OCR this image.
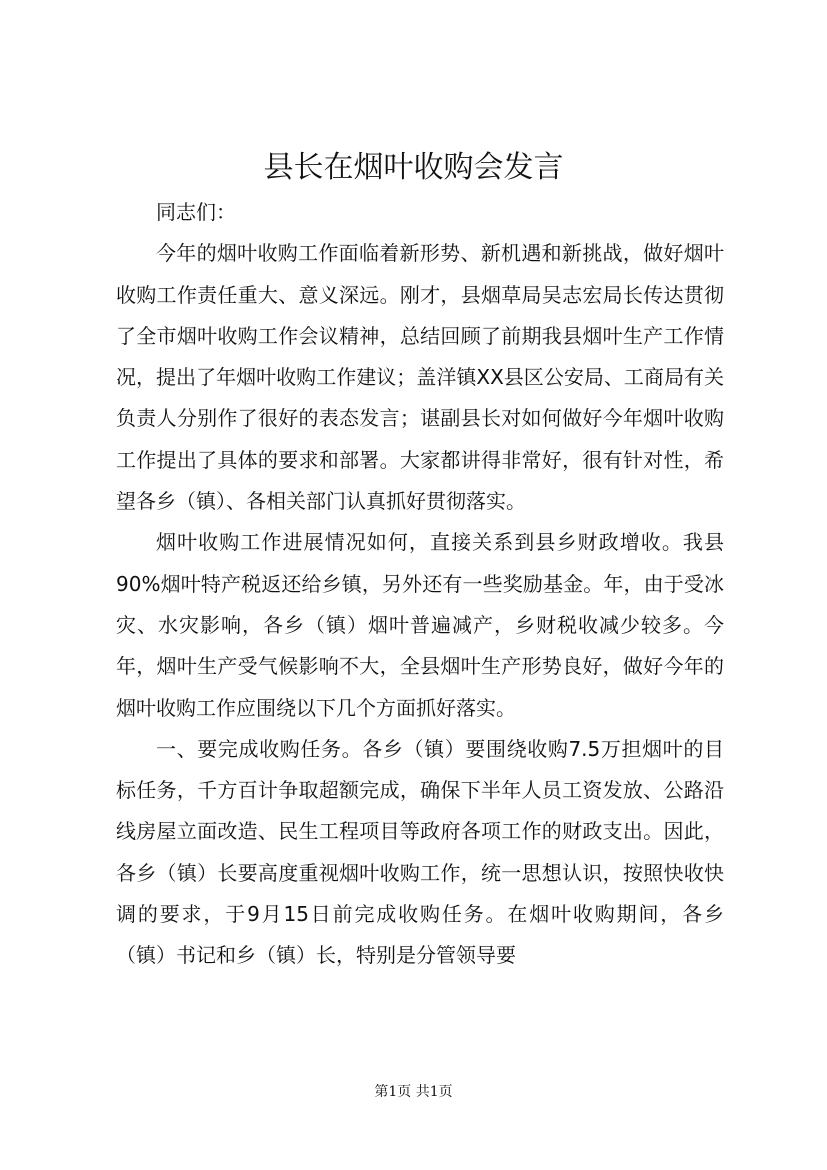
县长在烟叶收购会发言

同志们：

今年的烟叶收购工作面临着新形势、新机遇和新挑战，做好烟叶收购工作责任重大、意义深远。刚才，县烟草局吴志宏局长传达贯彻了全市烟叶收购工作会议精神，总结回顾了前期我县烟叶生产工作情况，提出了年烟叶收购工作建议；盖洋镇XX县区公安局、工商局有关负责人分别作了很好的表态发言；谌副县长对如何做好今年烟叶收购工作提出了具体的要求和部署。大家都讲得非常好，很有针对性，希望各乡（镇）、各相关部门认真抓好贯彻落实。

烟叶收购工作进展情况如何，直接关系到县乡财政增收。我县90%烟叶特产税返还给乡镇，另外还有一些奖励基金。年，由于受冰灾、水灾影响，各乡（镇）烟叶普遍减产，乡财税收减少较多。今年，烟叶生产受气候影响不大，全县烟叶生产形势良好，做好今年的烟叶收购工作应围绕以下几个方面抓好落实。

一、要完成收购任务。各乡（镇）要围绕收购7.5万担烟叶的目标任务，千方百计争取超额完成，确保下半年人员工资发放、公路沿线房屋立面改造、民生工程项目等政府各项工作的财政支出。因此，各乡（镇）长要高度重视烟叶收购工作，统一思想认识，按照快收快调的要求，于9月15日前完成收购任务。在烟叶收购期间，各乡（镇）书记和乡（镇）长，特别是分管领导要

第1页 共1页
